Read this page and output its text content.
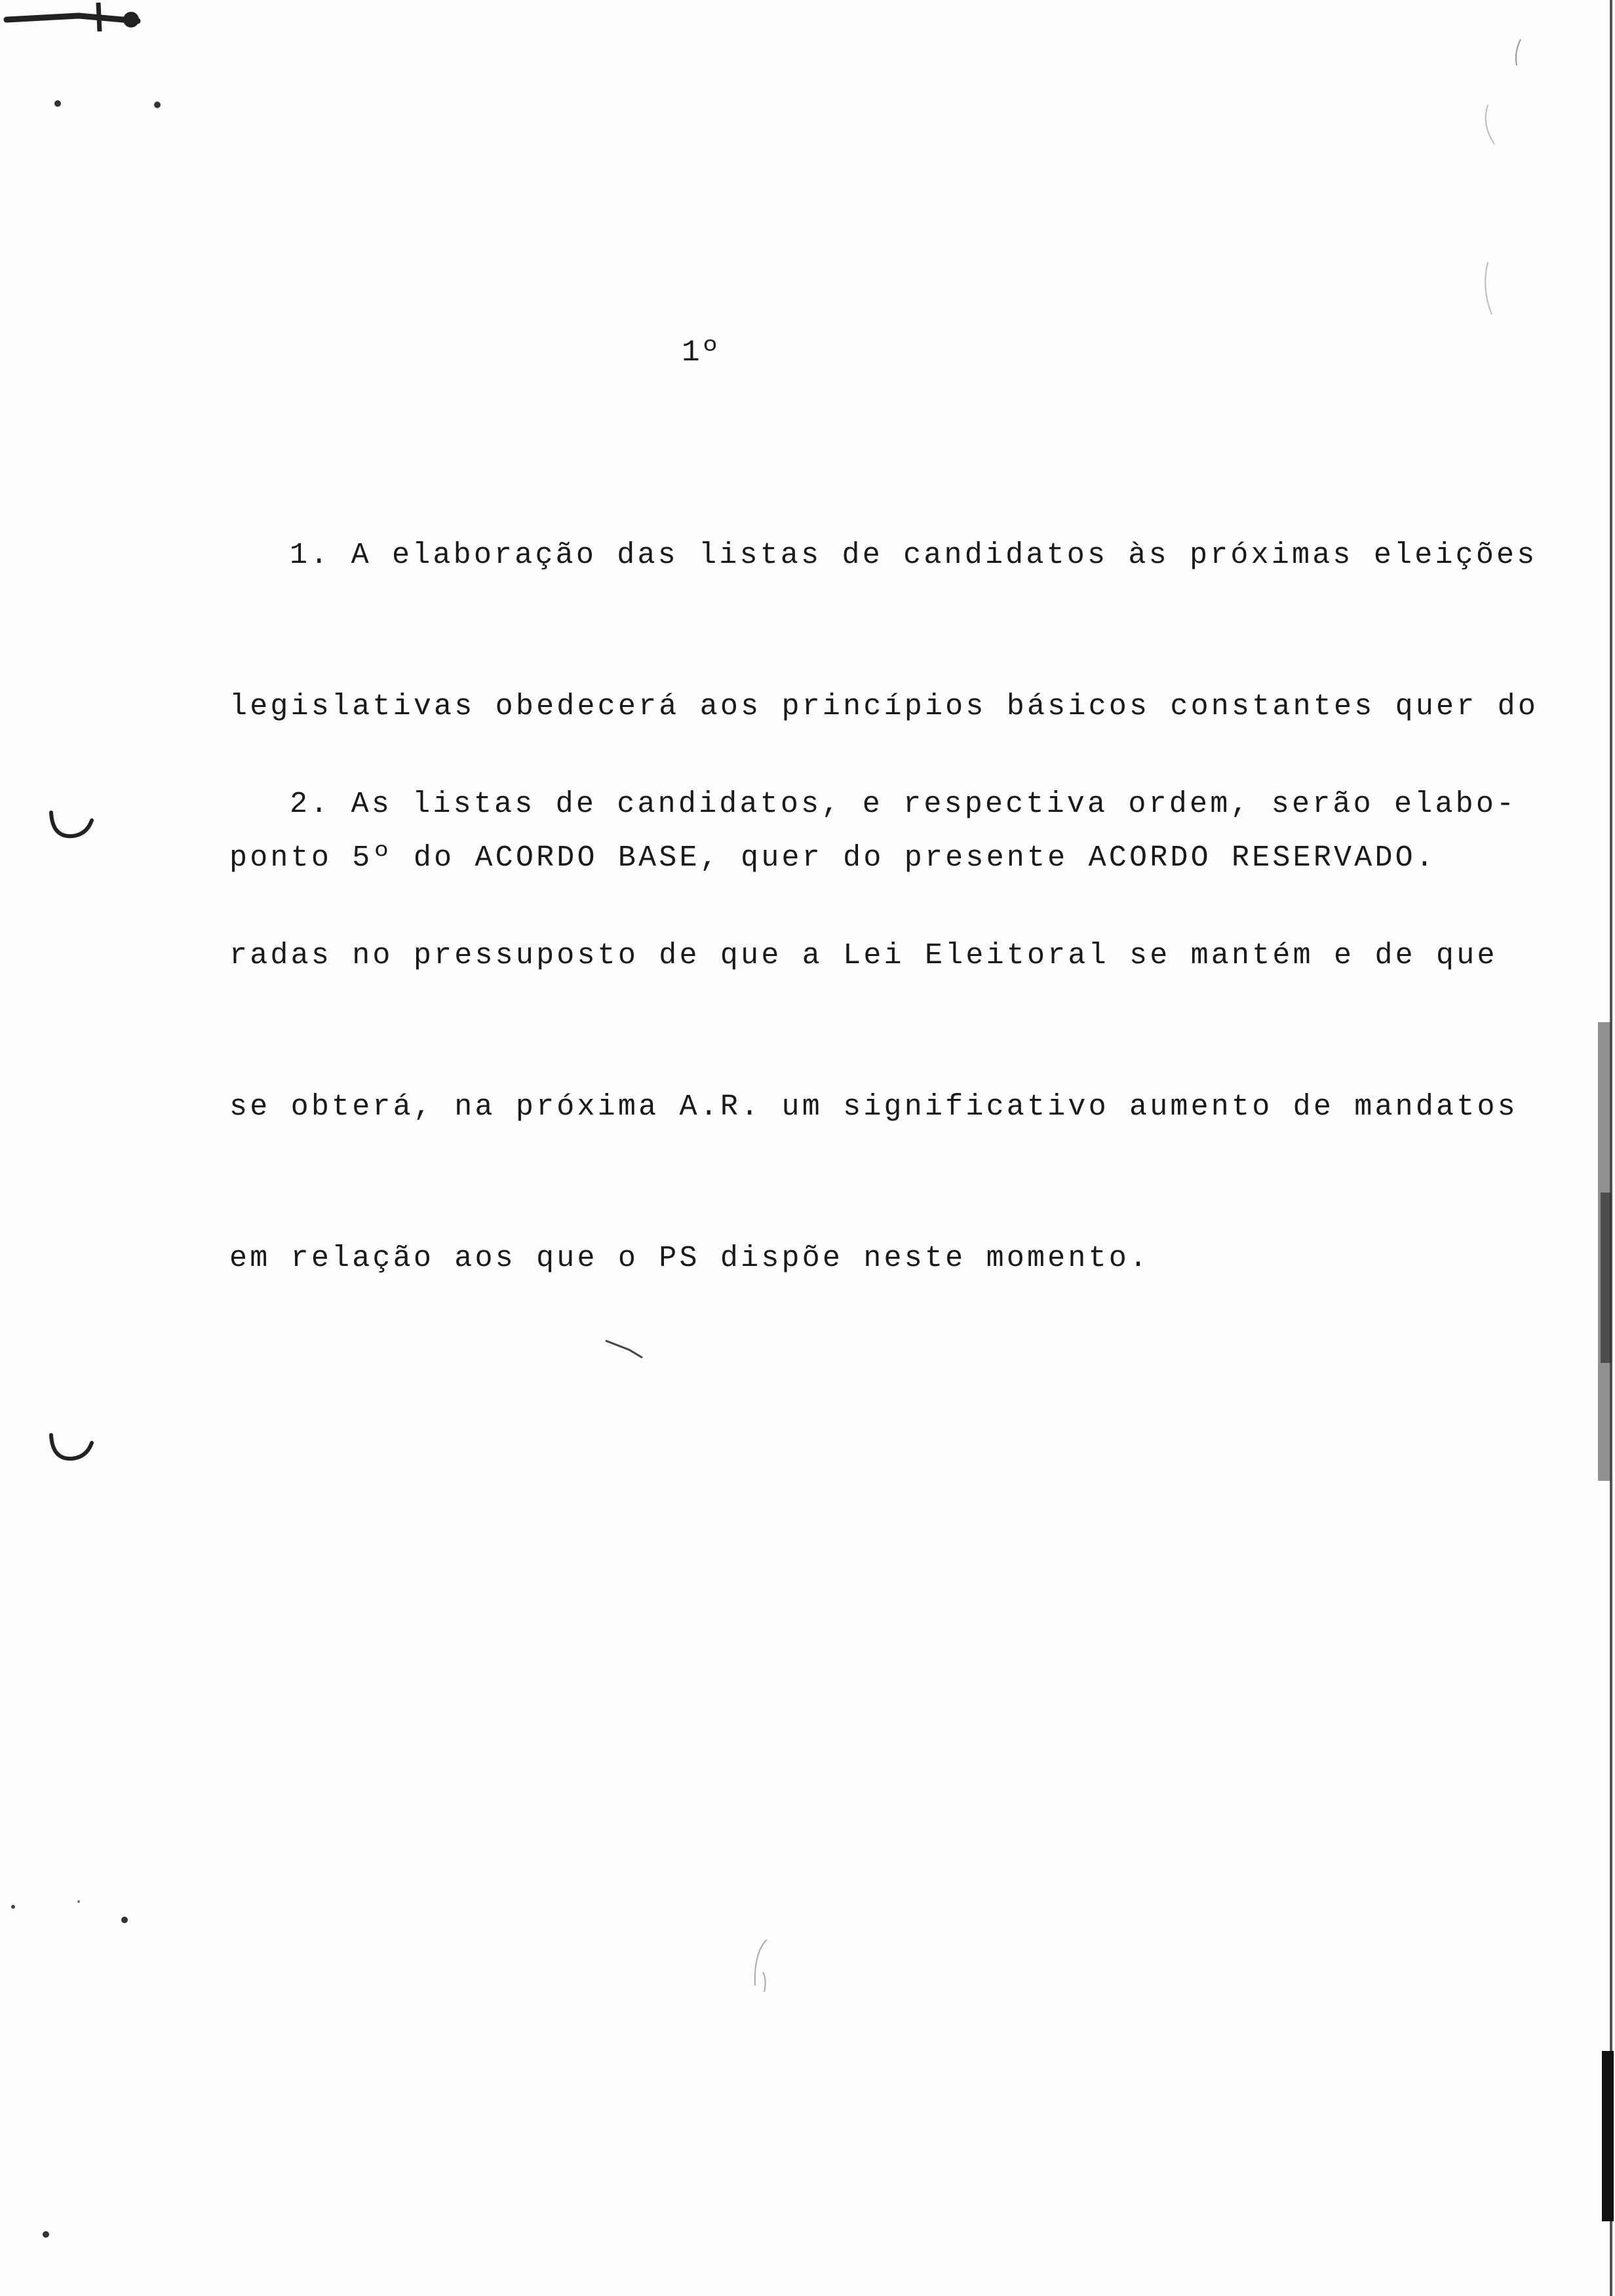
1º

1. A elaboração das listas de candidatos às próximas eleições

legislativas obedecerá aos princípios básicos constantes quer do

ponto 5º do ACORDO BASE, quer do presente ACORDO RESERVADO.

2. As listas de candidatos, e respectiva ordem, serão elabo-

radas no pressuposto de que a Lei Eleitoral se mantém e de que

se obterá, na próxima A.R. um significativo aumento de mandatos

em relação aos que o PS dispõe neste momento.
